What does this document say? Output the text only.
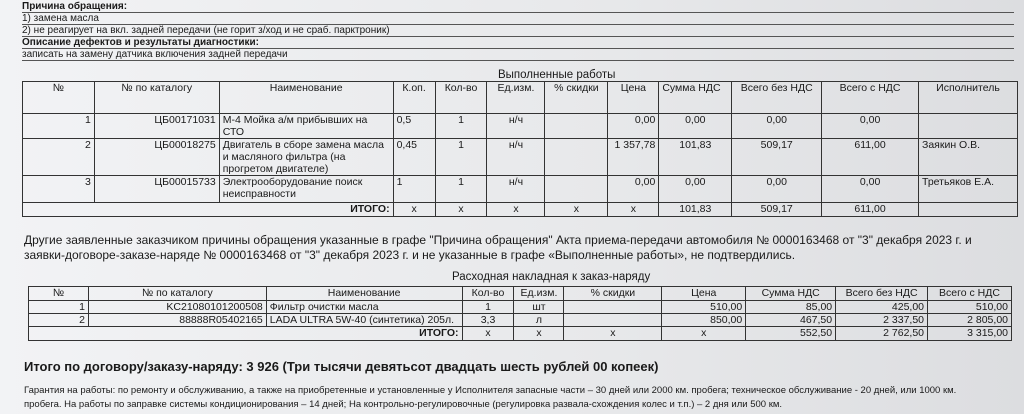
Причина обращения:
1) замена масла
2) не реагирует на вкл. задней передачи (не горит з/ход и не сраб. парктроник)
Описание дефектов и результаты диагностики:
записать на замену датчика включения задней передачи
Выполненные работы
№	№ по каталогу	Наименование	К.оп.	Кол-во	Ед.изм.	% скидки	Цена	Сумма НДС	Всего без НДС	Всего с НДС	Исполнитель
1	ЦБ00171031	М-4 Мойка а/м прибывших на СТО	0,5	1	н/ч		0,00	0,00	0,00	0,00	
2	ЦБ00018275	Двигатель в сборе замена масла и масляного фильтра (на прогретом двигателе)	0,45	1	н/ч		1 357,78	101,83	509,17	611,00	Заякин О.В.
3	ЦБ00015733	Электрооборудование поиск неисправности	1	1	н/ч		0,00	0,00	0,00	0,00	Третьяков Е.А.
ИТОГО:			x	x	x	x	x	101,83	509,17	611,00	
Другие заявленные заказчиком причины обращения указанные в графе "Причина обращения" Акта приема-передачи автомобиля № 0000163468 от "3" декабря 2023 г. и
заявки-договоре-заказе-наряде № 0000163468 от "3" декабря 2023 г. и не указанные в графе «Выполненные работы», не подтвердились.
Расходная накладная к заказ-наряду
№	№ по каталогу	Наименование	Кол-во	Ед.изм.	% скидки	Цена	Сумма НДС	Всего без НДС	Всего с НДС
1	KC21080101200508	Фильтр очистки масла	1	шт		510,00	85,00	425,00	510,00
2	88888R05402165	LADA ULTRA 5W-40 (синтетика) 205л.	3,3	л		850,00	467,50	2 337,50	2 805,00
ИТОГО:			x	x	x	x	552,50	2 762,50	3 315,00
Итого по договору/заказу-наряду: 3 926 (Три тысячи девятьсот двадцать шесть рублей 00 копеек)
Гарантия на работы: по ремонту и обслуживанию, а также на приобретенные и установленные у Исполнителя запасные части – 30 дней или 2000 км. пробега; техническое обслуживание - 20 дней, или 1000 км.
пробега. На работы по заправке системы кондиционирования – 14 дней; На контрольно-регулировочные (регулировка развала-схождения колес и т.п.) – 2 дня или 500 км.
